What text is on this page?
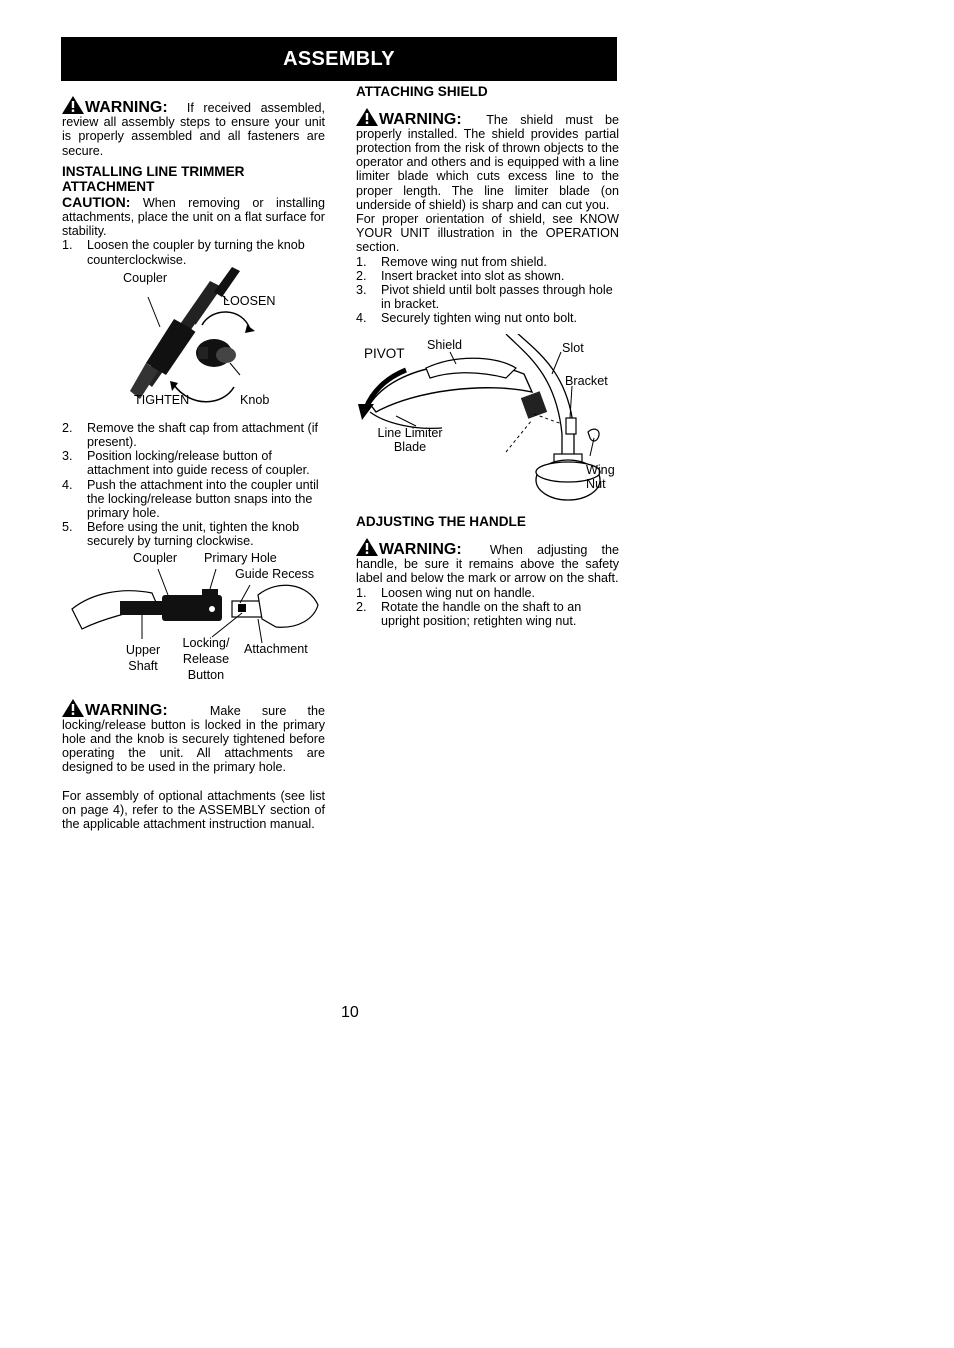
ASSEMBLY

WARNING: If received assembled, review all assembly steps to ensure your unit is properly assembled and all fasteners are secure.

INSTALLING LINE TRIMMER ATTACHMENT

CAUTION: When removing or installing attachments, place the unit on a flat surface for stability.

1. Loosen the coupler by turning the knob counterclockwise.
Coupler
LOOSEN
TIGHTEN	Knob
2. Remove the shaft cap from attachment (if present).
3. Position locking/release button of attachment into guide recess of coupler.
4. Push the attachment into the coupler until the locking/release button snaps into the primary hole.
5. Before using the unit, tighten the knob securely by turning clockwise.
Coupler Primary Hole
Guide Recess
Upper Shaft
Locking/ Release Button
Attachment

WARNING:	Make sure the locking/release button is locked in the primary hole and the knob is securely tightened before operating the unit. All attachments are designed to be used in the primary hole.

For assembly of optional attachments (see list on page 4), refer to the ASSEMBLY section of the applicable attachment instruction manual.

ATTACHING SHIELD

WARNING: The shield must be properly installed. The shield provides partial protection from the risk of thrown objects to the operator and others and is equipped with a line limiter blade which cuts excess line to the proper length. The line limiter blade (on underside of shield) is sharp and can cut you.

For proper orientation of shield, see KNOW YOUR UNIT illustration in the OPERATION section.

1. Remove wing nut from shield.
2. Insert bracket into slot as shown.
3. Pivot shield until bolt passes through hole in bracket.
4. Securely tighten wing nut onto bolt.
PIVOT
Shield	Slot
Bracket
Line Limiter Blade
Wing Nut

ADJUSTING THE HANDLE

WARNING: When adjusting the handle, be sure it remains above the safety label and below the mark or arrow on the shaft.

1. Loosen wing nut on handle.
2. Rotate the handle on the shaft to an upright position; retighten wing nut.
10
